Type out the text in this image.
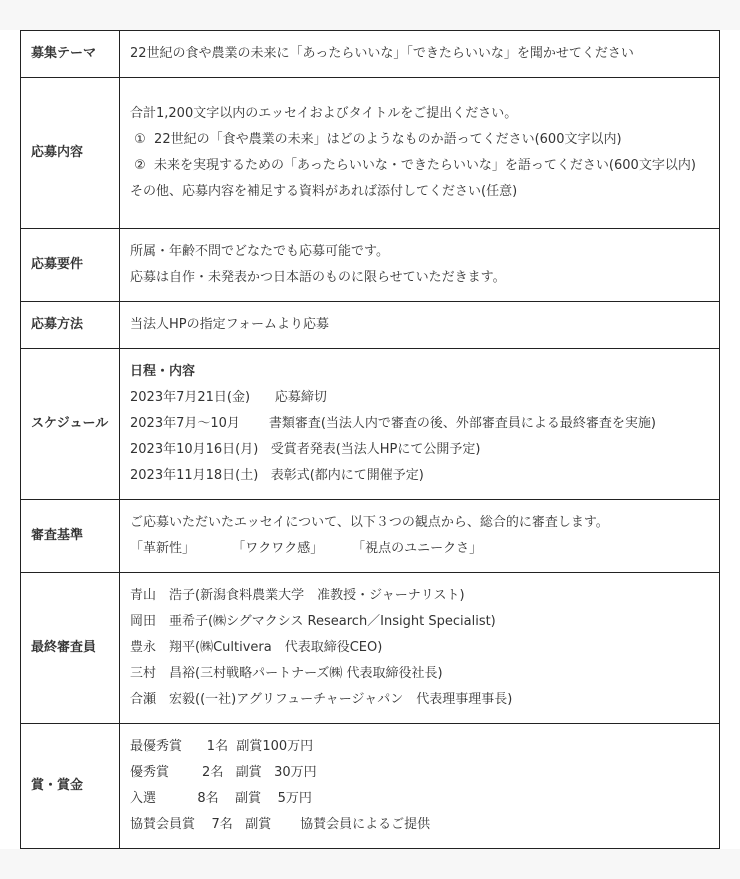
募集テーマ	22世紀の食や農業の未来に「あったらいいな」「できたらいいな」を聞かせてください

応募内容	合計1,200文字以内のエッセイおよびタイトルをご提出ください。
①  22世紀の「食や農業の未来」はどのようなものか語ってください(600文字以内)
②  未来を実現するための「あったらいいな・できたらいいな」を語ってください(600文字以内)
その他、応募内容を補足する資料があれば添付してください(任意)

応募要件	所属・年齢不問でどなたでも応募可能です。
応募は自作・未発表かつ日本語のものに限らせていただきます。

応募方法	当法人HPの指定フォームより応募

スケジュール	日程・内容
2023年7月21日(金)      応募締切
2023年7月～10月       書類審査(当法人内で審査の後、外部審査員による最終審査を実施)
2023年10月16日(月)   受賞者発表(当法人HPにて公開予定)
2023年11月18日(土)   表彰式(都内にて開催予定)

審査基準	ご応募いただいたエッセイについて、以下３つの観点から、総合的に審査します。
「革新性」         「ワクワク感」       「視点のユニークさ」

最終審査員	青山　浩子(新潟食料農業大学　准教授・ジャーナリスト)
岡田　亜希子(㈱シグマクシス Research／Insight Specialist)
豊永　翔平(㈱Cultivera　代表取締役CEO)
三村　昌裕(三村戦略パートナーズ㈱ 代表取締役社長)
合瀬　宏毅((一社)アグリフューチャージャパン　代表理事理事長)

賞・賞金	最優秀賞      1名  副賞100万円
優秀賞        2名   副賞   30万円
入選          8名    副賞    5万円
協賛会員賞    7名   副賞       協賛会員によるご提供
